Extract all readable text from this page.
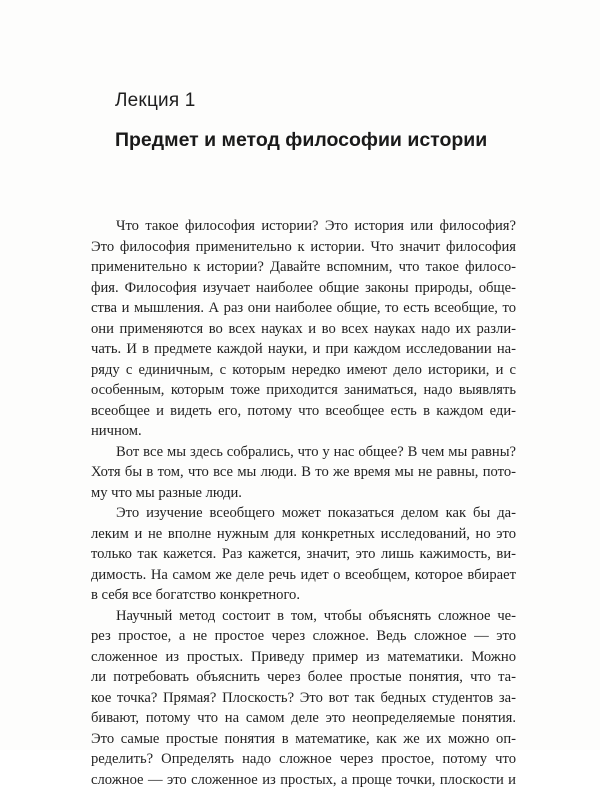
Лекция 1
Предмет и метод философии истории
Что такое философия истории? Это история или философия?
Это философия применительно к истории. Что значит философия
применительно к истории? Давайте вспомним, что такое филосо-
фия. Философия изучает наиболее общие законы природы, обще-
ства и мышления. А раз они наиболее общие, то есть всеобщие, то
они применяются во всех науках и во всех науках надо их разли-
чать. И в предмете каждой науки, и при каждом исследовании на-
ряду с единичным, с которым нередко имеют дело историки, и с
особенным, которым тоже приходится заниматься, надо выявлять
всеобщее и видеть его, потому что всеобщее есть в каждом еди-
ничном.
Вот все мы здесь собрались, что у нас общее? В чем мы равны?
Хотя бы в том, что все мы люди. В то же время мы не равны, пото-
му что мы разные люди.
Это изучение всеобщего может показаться делом как бы да-
леким и не вполне нужным для конкретных исследований, но это
только так кажется. Раз кажется, значит, это лишь кажимость, ви-
димость. На самом же деле речь идет о всеобщем, которое вбирает
в себя все богатство конкретного.
Научный метод состоит в том, чтобы объяснять сложное че-
рез простое, а не простое через сложное. Ведь сложное — это
сложенное из простых. Приведу пример из математики. Можно
ли потребовать объяснить через более простые понятия, что та-
кое точка? Прямая? Плоскость? Это вот так бедных студентов за-
бивают, потому что на самом деле это неопределяемые понятия.
Это самые простые понятия в математике, как же их можно оп-
ределить? Определять надо сложное через простое, потому что
сложное — это сложенное из простых, а проще точки, плоскости и
